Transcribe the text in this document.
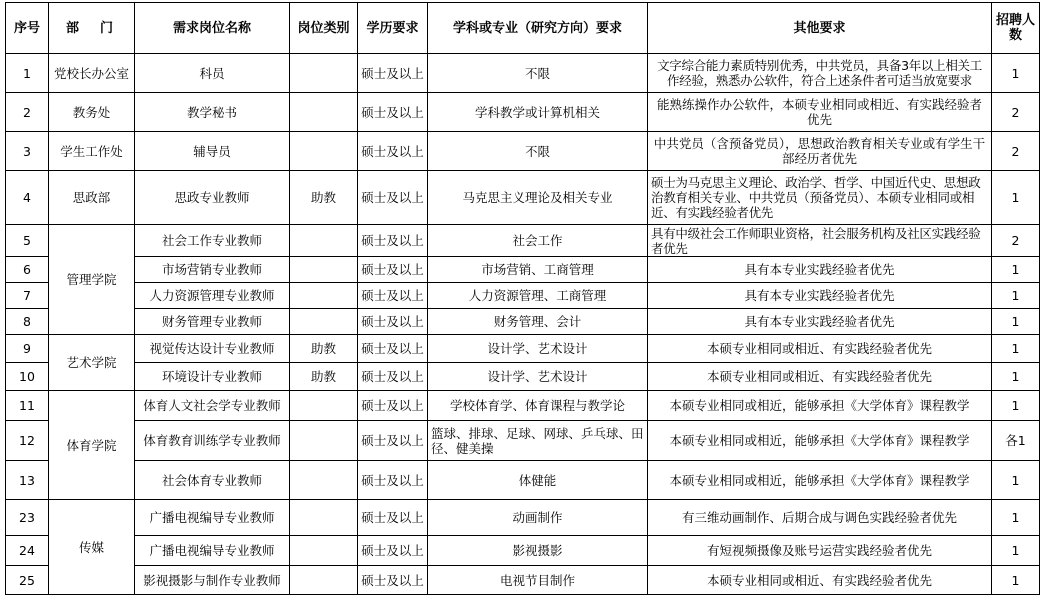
序号	部　门	需求岗位名称	岗位类别	学历要求	学科或专业（研究方向）要求	其他要求	招聘人数
1	党校长办公室	科员		硕士及以上	不限	文字综合能力素质特别优秀，中共党员，具备3年以上相关工作经验，熟悉办公软件，符合上述条件者可适当放宽要求	1
2	教务处	教学秘书		硕士及以上	学科教学或计算机相关	能熟练操作办公软件，本硕专业相同或相近、有实践经验者优先	2
3	学生工作处	辅导员		硕士及以上	不限	中共党员（含预备党员），思想政治教育相关专业或有学生干部经历者优先	2
4	思政部	思政专业教师	助教	硕士及以上	马克思主义理论及相关专业	硕士为马克思主义理论、政治学、哲学、中国近代史、思想政治教育相关专业、中共党员（预备党员）、本硕专业相同或相近、有实践经验者优先	1
5	管理学院	社会工作专业教师		硕士及以上	社会工作	具有中级社会工作师职业资格，社会服务机构及社区实践经验者优先	2
6		市场营销专业教师		硕士及以上	市场营销、工商管理	具有本专业实践经验者优先	1
7		人力资源管理专业教师		硕士及以上	人力资源管理、工商管理	具有本专业实践经验者优先	1
8		财务管理专业教师		硕士及以上	财务管理、会计	具有本专业实践经验者优先	1
9	艺术学院	视觉传达设计专业教师	助教	硕士及以上	设计学、艺术设计	本硕专业相同或相近、有实践经验者优先	1
10		环境设计专业教师	助教	硕士及以上	设计学、艺术设计	本硕专业相同或相近、有实践经验者优先	1
11	体育学院	体育人文社会学专业教师		硕士及以上	学校体育学、体育课程与教学论	本硕专业相同或相近，能够承担《大学体育》课程教学	1
12		体育教育训练学专业教师		硕士及以上	篮球、排球、足球、网球、乒乓球、田径、健美操	本硕专业相同或相近，能够承担《大学体育》课程教学	各1
13		社会体育专业教师		硕士及以上	体健能	本硕专业相同或相近，能够承担《大学体育》课程教学	1
23	传媒	广播电视编导专业教师		硕士及以上	动画制作	有三维动画制作、后期合成与调色实践经验者优先	1
24		广播电视编导专业教师		硕士及以上	影视摄影	有短视频摄像及账号运营实践经验者优先	1
25		影视摄影与制作专业教师		硕士及以上	电视节目制作	本硕专业相同或相近、有实践经验者优先	1
